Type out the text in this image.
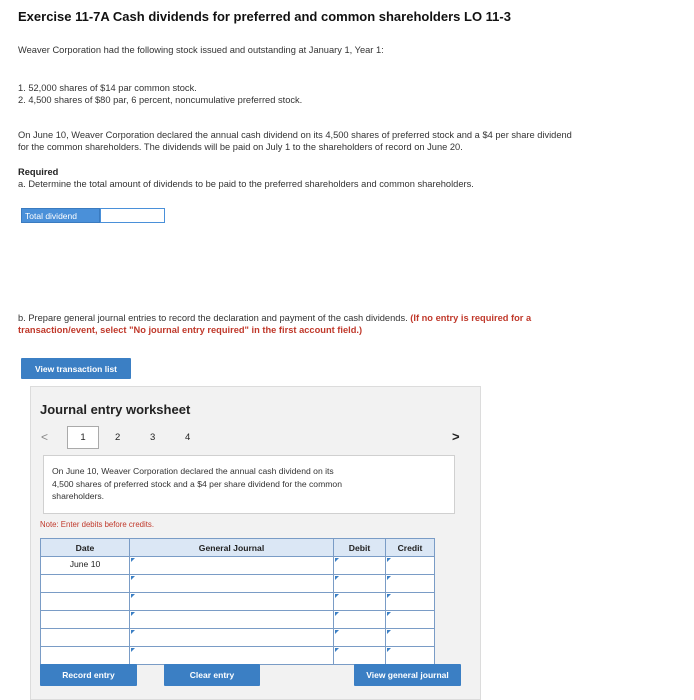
Exercise 11-7A Cash dividends for preferred and common shareholders LO 11-3
Weaver Corporation had the following stock issued and outstanding at January 1, Year 1:
1. 52,000 shares of $14 par common stock.
2. 4,500 shares of $80 par, 6 percent, noncumulative preferred stock.
On June 10, Weaver Corporation declared the annual cash dividend on its 4,500 shares of preferred stock and a $4 per share dividend
for the common shareholders. The dividends will be paid on July 1 to the shareholders of record on June 20.
Required
a. Determine the total amount of dividends to be paid to the preferred shareholders and common shareholders.
Total dividend
b. Prepare general journal entries to record the declaration and payment of the cash dividends. (If no entry is required for a
transaction/event, select "No journal entry required" in the first account field.)
View transaction list
Journal entry worksheet
<	1	2	3	4	>
On June 10, Weaver Corporation declared the annual cash dividend on its
4,500 shares of preferred stock and a $4 per share dividend for the common
shareholders.
Note: Enter debits before credits.
Date	General Journal	Debit	Credit
June 10	

Record entry	Clear entry	View general journal
